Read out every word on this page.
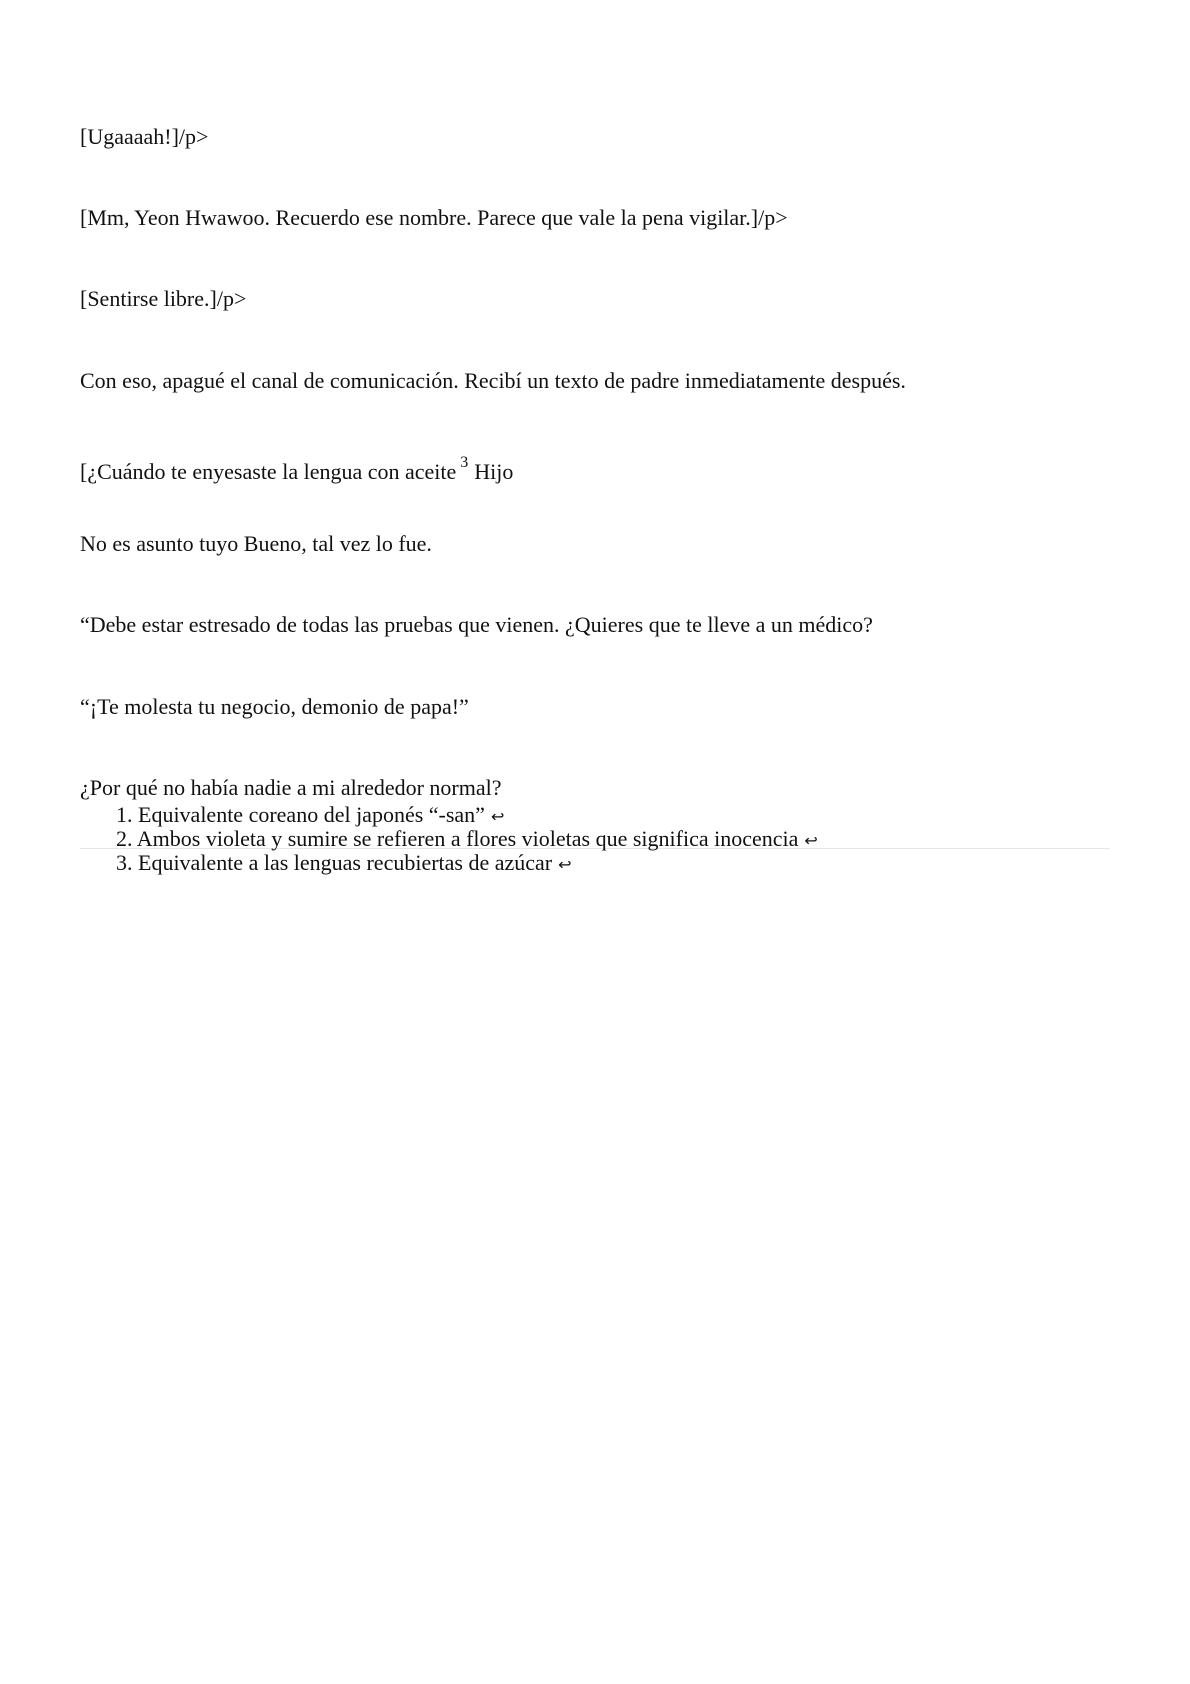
[Ugaaaah!]/p>

[Mm, Yeon Hwawoo. Recuerdo ese nombre. Parece que vale la pena vigilar.]/p>

[Sentirse libre.]/p>

Con eso, apagué el canal de comunicación. Recibí un texto de padre inmediatamente después.

[¿Cuándo te enyesaste la lengua con aceite $^3$ Hijo

No es asunto tuyo Bueno, tal vez lo fue.

“Debe estar estresado de todas las pruebas que vienen. ¿Quieres que te lleve a un médico?

“¡Te molesta tu negocio, demonio de papa!”

¿Por qué no había nadie a mi alrededor normal?

1. Equivalente coreano del japonés “-san” ↩
2. Ambos violeta y sumire se refieren a flores violetas que significa inocencia ↩
3. Equivalente a las lenguas recubiertas de azúcar ↩
